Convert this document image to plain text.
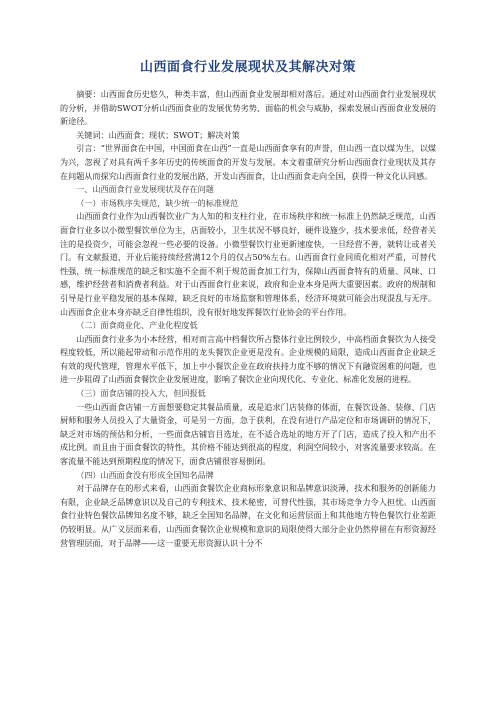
山西面食行业发展现状及其解决对策

摘要：山西面食历史悠久，种类丰富，但山西面食业发展却相对落后。通过对山西面食行业发展现状的分析，并借助SWOT分析山西面食业的发展优势劣势、面临的机会与威胁，探索发展山西面食业发展的新途径。

关键词：山西面食；现状；SWOT；解决对策

引言：“世界面食在中国，中国面食在山西”一直是山西面食享有的声誉，但山西一直以煤为生，以煤为兴，忽视了对具有两千多年历史的传统面食的开发与发展。本文着重研究分析山西面食行业现状及其存在问题从而探究山西面食行业的发展出路，开发山西面食，让山西面食走向全国，获得一种文化认同感。

一、山西面食行业发展现状及存在问题

（一）市场秩序失规范，缺少统一的标准规范

山西面食行业作为山西餐饮业广为人知的和支柱行业，在市场秩序和统一标准上仍然缺乏规范，山西面食行业多以小微型餐饮单位为主，店面较小，卫生状况不够良好，硬件设施少，技术要求低，经营者关注的是投资少，可能会忽视一些必要的设备。小微型餐饮行业更新速度快，一旦经营不善，就转让或者关门。有文献报道，开业后能持续经营满12个月的仅占50%左右。山西面食行业同质化相对严重，可替代性强，统一标准规范的缺乏和实施不全面不利于规范面食加工行为，保障山西面食特有的质量、风味、口感，维护经营者和消费者利益。对于山西面食行业来说，政府和企业本身是两大重要因素。政府的规制和引导是行业平稳发展的基本保障，缺乏良好的市场监察和管理体系，经济环境就可能会出现混乱与无序。山西面食企业本身亦缺乏自律性组织，没有很好地发挥餐饮行业协会的平台作用。

（二）面食商业化、产业化程度低

山西面食行业多为小本经营，相对而言高中档餐饮所占整体行业比例较少，中高档面食餐饮为人接受程度较低，所以能起带动和示范作用的龙头餐饮企业更是没有。企业规模的局限，造成山西面食企业缺乏有效的现代管理，管理水平低下，加上中小餐饮企业在政府扶持力度不够的情况下有融资困难的问题，也进一步阻碍了山西面食餐饮企业发展进度，影响了餐饮企业向现代化、专业化、标准化发展的进程。

（三）面食店铺的投入大，但回报低

一些山西面食店铺一方面想要稳定其餐品质量，或是追求门店装修的体面，在餐饮设备、装修、门店厨师和服务人员投入了大量资金，可是另一方面，急于获利，在没有进行产品定位和市场调研的情况下，缺乏对市场的预估和分析，一些面食店铺盲目选址，在不适合选址的地方开了门店，造成了投入和产出不成比例。而且由于面食餐饮的特性，其价格不能达到很高的程度，利润空间较小，对客流量要求较高。在客流量不能达到预期程度的情况下，面食店铺很容易倒闭。

（四）山西面食没有形成全国知名品牌

对于品牌存在的形式来看，山西面食餐饮企业商标形象意识和品牌意识淡薄，技术和服务的创新能力有限，企业缺乏品牌意识以及自己的专利技术、技术秘密，可替代性强，其市场竞争力令人担忧。山西面食行业特色餐饮品牌知名度不够，缺乏全国知名品牌，在文化和运营层面上和其他地方特色餐饮行业差距仍较明显。从广义层面来看，山西面食餐饮企业规模和意识的局限使得大部分企业仍然停留在有形资源经营管理层面，对于品牌——这一重要无形资源认识十分不
